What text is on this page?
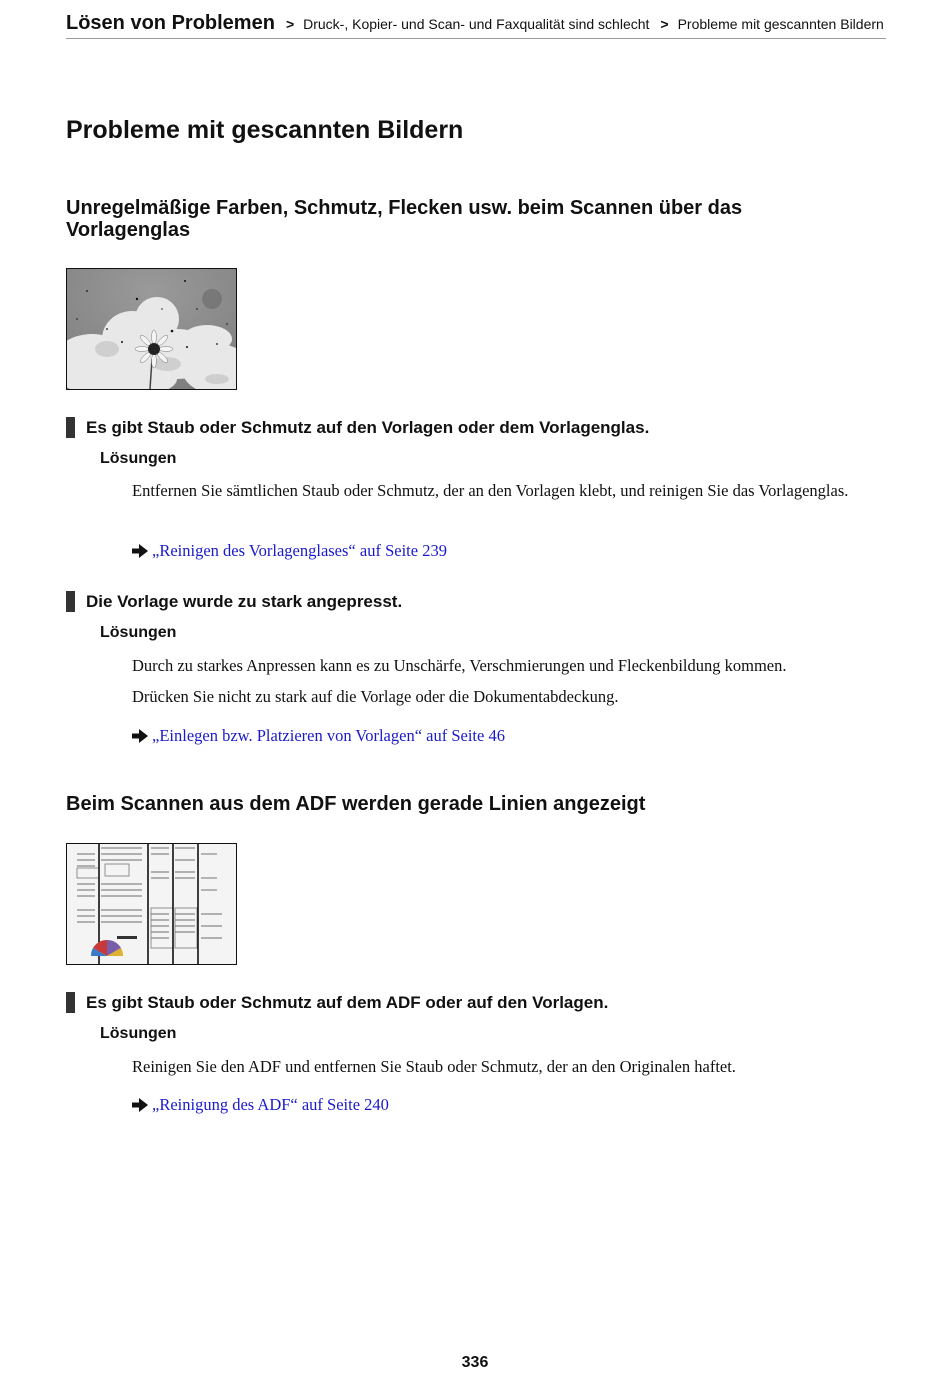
Lösen von Problemen > Druck-, Kopier- und Scan- und Faxqualität sind schlecht > Probleme mit gescannten Bildern
Probleme mit gescannten Bildern
Unregelmäßige Farben, Schmutz, Flecken usw. beim Scannen über das Vorlagenglas
Es gibt Staub oder Schmutz auf den Vorlagen oder dem Vorlagenglas.
Lösungen
Entfernen Sie sämtlichen Staub oder Schmutz, der an den Vorlagen klebt, und reinigen Sie das Vorlagenglas.
„Reinigen des Vorlagenglases“ auf Seite 239
Die Vorlage wurde zu stark angepresst.
Lösungen
Durch zu starkes Anpressen kann es zu Unschärfe, Verschmierungen und Fleckenbildung kommen.
Drücken Sie nicht zu stark auf die Vorlage oder die Dokumentabdeckung.
„Einlegen bzw. Platzieren von Vorlagen“ auf Seite 46
Beim Scannen aus dem ADF werden gerade Linien angezeigt
Es gibt Staub oder Schmutz auf dem ADF oder auf den Vorlagen.
Lösungen
Reinigen Sie den ADF und entfernen Sie Staub oder Schmutz, der an den Originalen haftet.
„Reinigung des ADF“ auf Seite 240
336
